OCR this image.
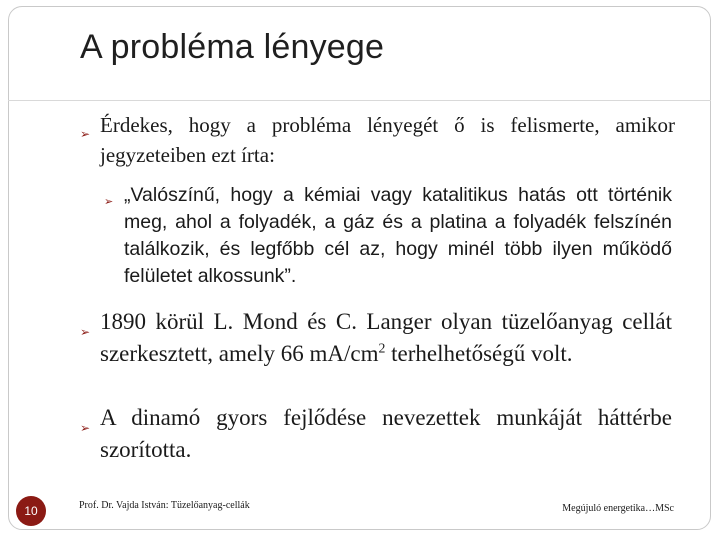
A probléma lényege
➢ Érdekes, hogy a probléma lényegét ő is felismerte, amikor jegyzeteiben ezt írta:
➢ „Valószínű, hogy a kémiai vagy katalitikus hatás ott történik meg, ahol a folyadék, a gáz és a platina a folyadék felszínén találkozik, és legfőbb cél az, hogy minél több ilyen működő felületet alkossunk”.
➢ 1890 körül L. Mond és C. Langer olyan tüzelőanyag cellát szerkesztett, amely 66 $mA/cm^2$ terhelhetőségű volt.
➢ A dinamó gyors fejlődése nevezettek munkáját háttérbe szorította.
10	Prof. Dr. Vajda István: Tüzelőanyag-cellák	Megújuló energetika…MSc
